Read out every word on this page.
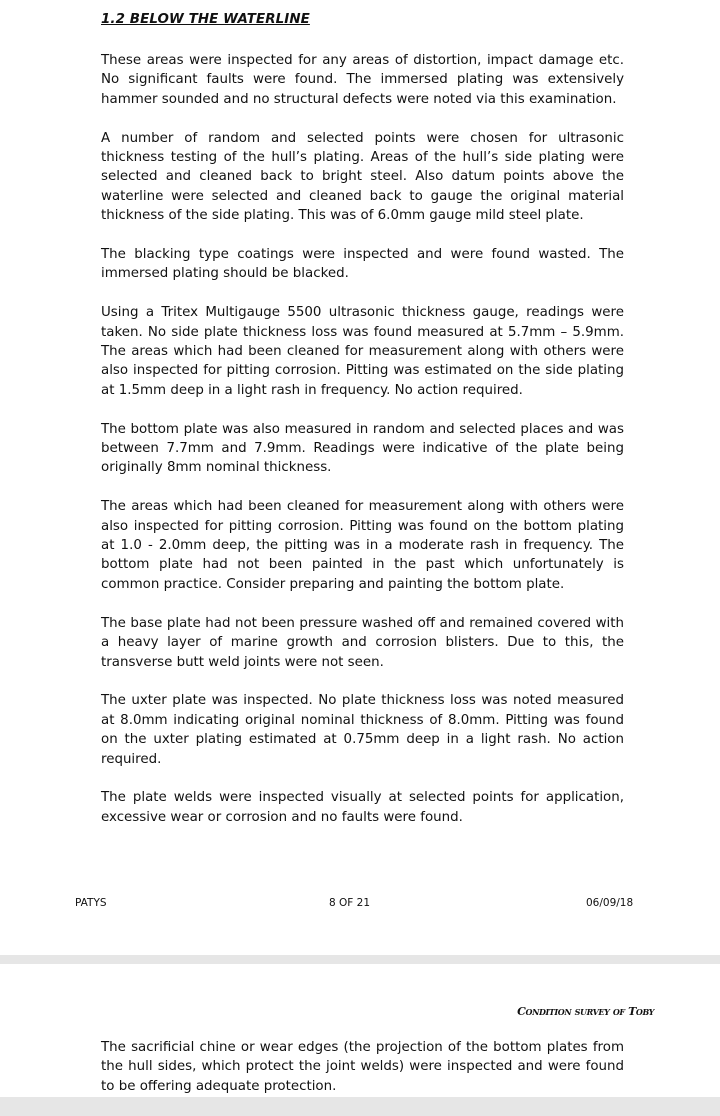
1.2 BELOW THE WATERLINE

These areas were inspected for any areas of distortion, impact damage etc. No significant faults were found. The immersed plating was extensively hammer sounded and no structural defects were noted via this examination.

A number of random and selected points were chosen for ultrasonic thickness testing of the hull’s plating. Areas of the hull’s side plating were selected and cleaned back to bright steel. Also datum points above the waterline were selected and cleaned back to gauge the original material thickness of the side plating. This was of 6.0mm gauge mild steel plate.

The blacking type coatings were inspected and were found wasted. The immersed plating should be blacked.

Using a Tritex Multigauge 5500 ultrasonic thickness gauge, readings were taken. No side plate thickness loss was found measured at 5.7mm – 5.9mm. The areas which had been cleaned for measurement along with others were also inspected for pitting corrosion. Pitting was estimated on the side plating at 1.5mm deep in a light rash in frequency. No action required.

The bottom plate was also measured in random and selected places and was between 7.7mm and 7.9mm. Readings were indicative of the plate being originally 8mm nominal thickness.

The areas which had been cleaned for measurement along with others were also inspected for pitting corrosion. Pitting was found on the bottom plating at 1.0 - 2.0mm deep, the pitting was in a moderate rash in frequency. The bottom plate had not been painted in the past which unfortunately is common practice. Consider preparing and painting the bottom plate.

The base plate had not been pressure washed off and remained covered with a heavy layer of marine growth and corrosion blisters. Due to this, the transverse butt weld joints were not seen.

The uxter plate was inspected. No plate thickness loss was noted measured at 8.0mm indicating original nominal thickness of 8.0mm. Pitting was found on the uxter plating estimated at 0.75mm deep in a light rash. No action required.

The plate welds were inspected visually at selected points for application, excessive wear or corrosion and no faults were found.

PATYS	8 OF 21	06/09/18
Condition survey of Toby

The sacrificial chine or wear edges (the projection of the bottom plates from the hull sides, which protect the joint welds) were inspected and were found to be offering adequate protection.
